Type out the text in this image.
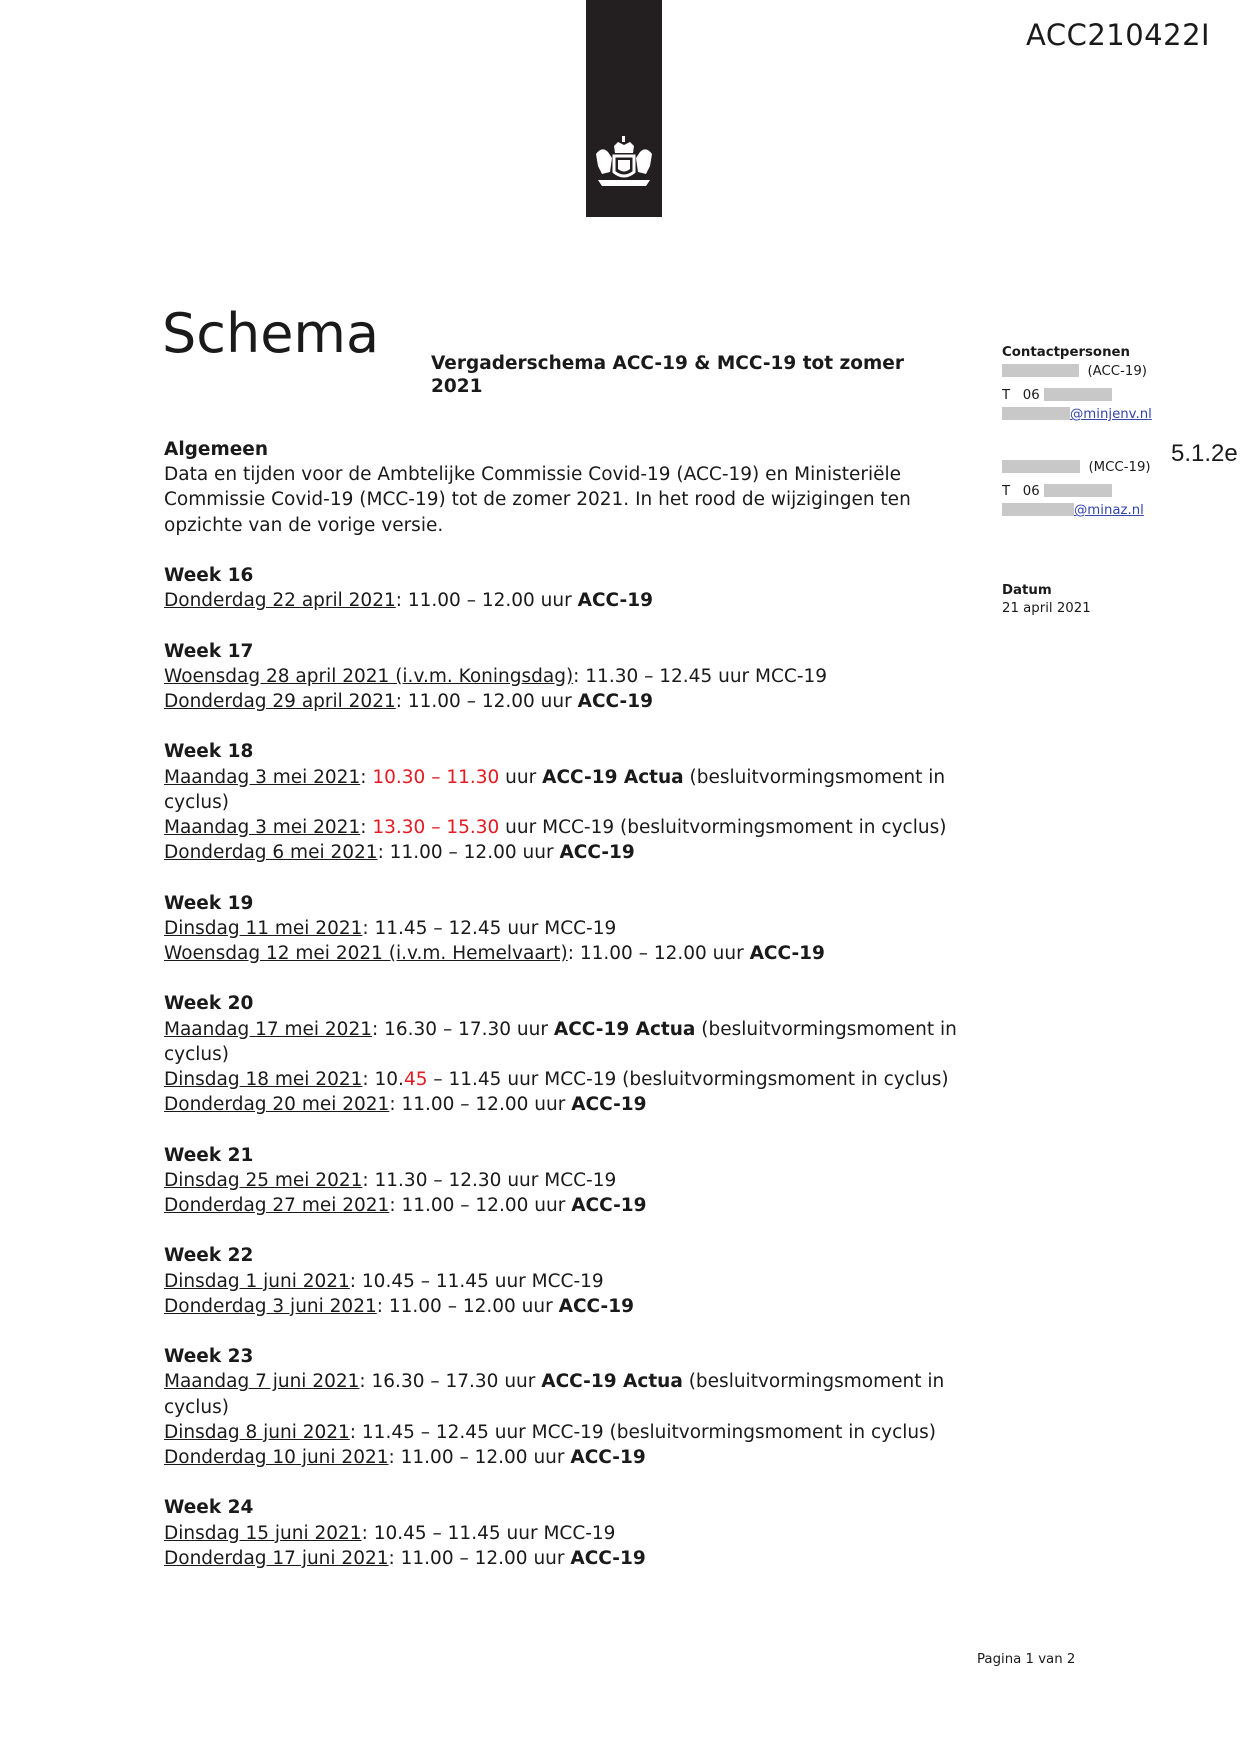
ACC210422I
Schema	Vergaderschema ACC-19 & MCC-19 tot zomer 2021
Algemeen
Data en tijden voor de Ambtelijke Commissie Covid-19 (ACC-19) en Ministeriële Commissie Covid-19 (MCC-19) tot de zomer 2021. In het rood de wijzigingen ten opzichte van de vorige versie.
Week 16
Donderdag 22 april 2021: 11.00 – 12.00 uur ACC-19
Week 17
Woensdag 28 april 2021 (i.v.m. Koningsdag): 11.30 – 12.45 uur MCC-19
Donderdag 29 april 2021: 11.00 – 12.00 uur ACC-19
Week 18
Maandag 3 mei 2021: 10.30 – 11.30 uur ACC-19 Actua (besluitvormingsmoment in cyclus)
Maandag 3 mei 2021: 13.30 – 15.30 uur MCC-19 (besluitvormingsmoment in cyclus)
Donderdag 6 mei 2021: 11.00 – 12.00 uur ACC-19
Week 19
Dinsdag 11 mei 2021: 11.45 – 12.45 uur MCC-19
Woensdag 12 mei 2021 (i.v.m. Hemelvaart): 11.00 – 12.00 uur ACC-19
Week 20
Maandag 17 mei 2021: 16.30 – 17.30 uur ACC-19 Actua (besluitvormingsmoment in cyclus)
Dinsdag 18 mei 2021: 10.45 – 11.45 uur MCC-19 (besluitvormingsmoment in cyclus)
Donderdag 20 mei 2021: 11.00 – 12.00 uur ACC-19
Week 21
Dinsdag 25 mei 2021: 11.30 – 12.30 uur MCC-19
Donderdag 27 mei 2021: 11.00 – 12.00 uur ACC-19
Week 22
Dinsdag 1 juni 2021: 10.45 – 11.45 uur MCC-19
Donderdag 3 juni 2021: 11.00 – 12.00 uur ACC-19
Week 23
Maandag 7 juni 2021: 16.30 – 17.30 uur ACC-19 Actua (besluitvormingsmoment in cyclus)
Dinsdag 8 juni 2021: 11.45 – 12.45 uur MCC-19 (besluitvormingsmoment in cyclus)
Donderdag 10 juni 2021: 11.00 – 12.00 uur ACC-19
Week 24
Dinsdag 15 juni 2021: 10.45 – 11.45 uur MCC-19
Donderdag 17 juni 2021: 11.00 – 12.00 uur ACC-19
Contactpersonen
(ACC-19)
T   06
@minjenv.nl
(MCC-19)
T   06
@minaz.nl
5.1.2e
Datum
21 april 2021
Pagina 1 van 2
